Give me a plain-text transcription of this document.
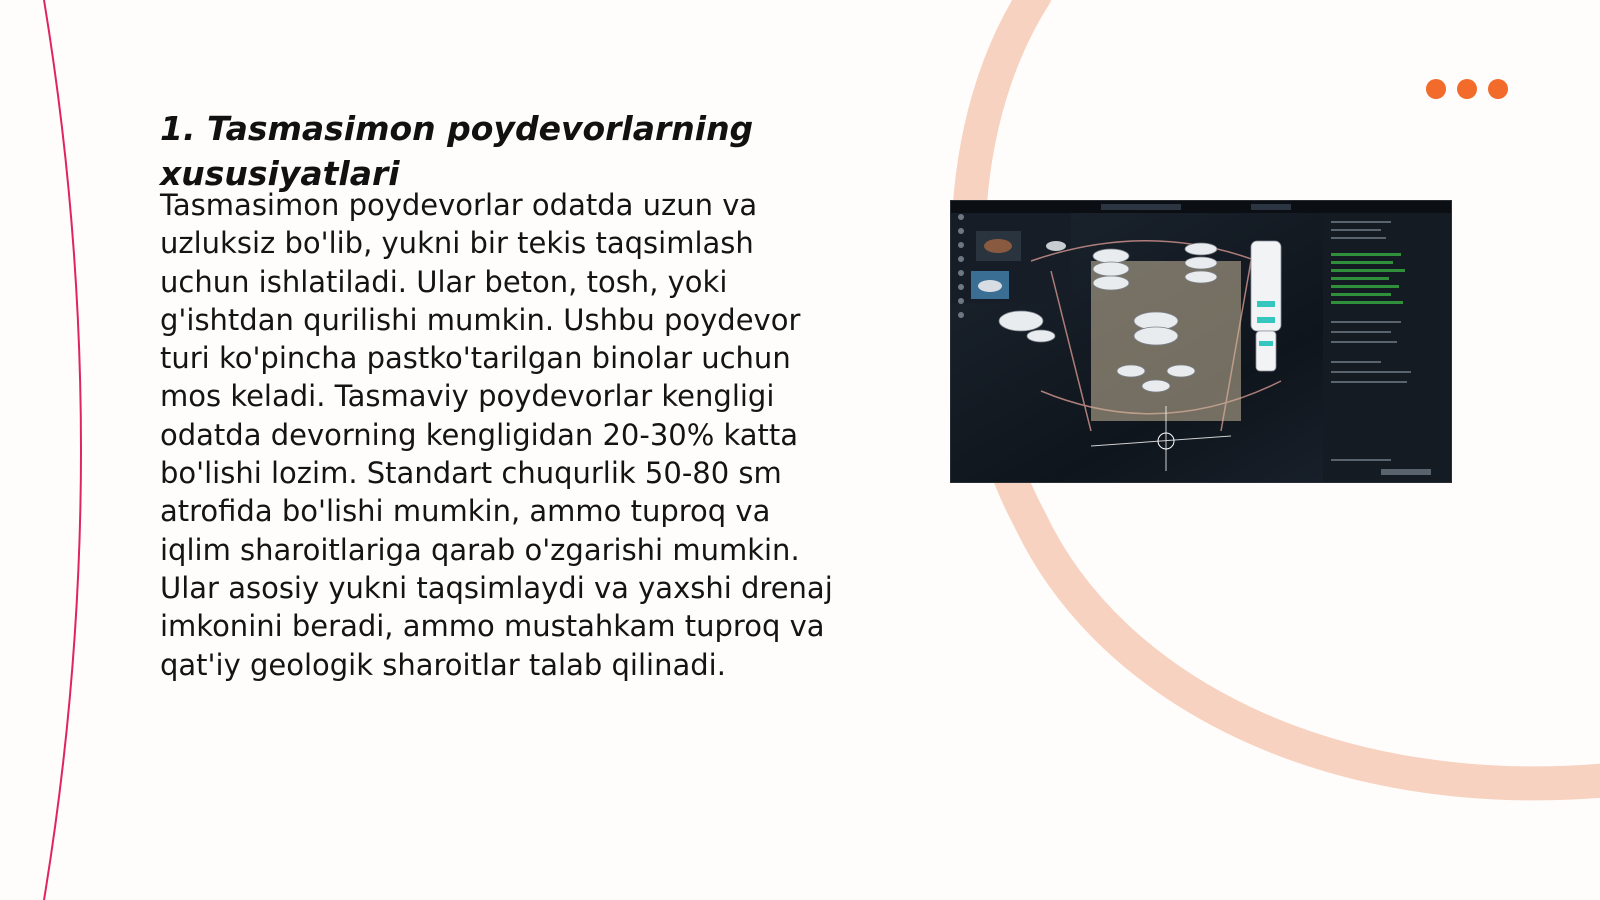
1. Tasmasimon poydevorlarning xususiyatlari

Tasmasimon poydevorlar odatda uzun va uzluksiz bo'lib, yukni bir tekis taqsimlash uchun ishlatiladi. Ular beton, tosh, yoki g'ishtdan qurilishi mumkin. Ushbu poydevor turi ko'pincha pastko'tarilgan binolar uchun mos keladi. Tasmaviy poydevorlar kengligi odatda devorning kengligidan 20-30% katta bo'lishi lozim. Standart chuqurlik 50-80 sm atrofida bo'lishi mumkin, ammo tuproq va iqlim sharoitlariga qarab o'zgarishi mumkin. Ular asosiy yukni taqsimlaydi va yaxshi drenaj imkonini beradi, ammo mustahkam tuproq va qat'iy geologik sharoitlar talab qilinadi.
